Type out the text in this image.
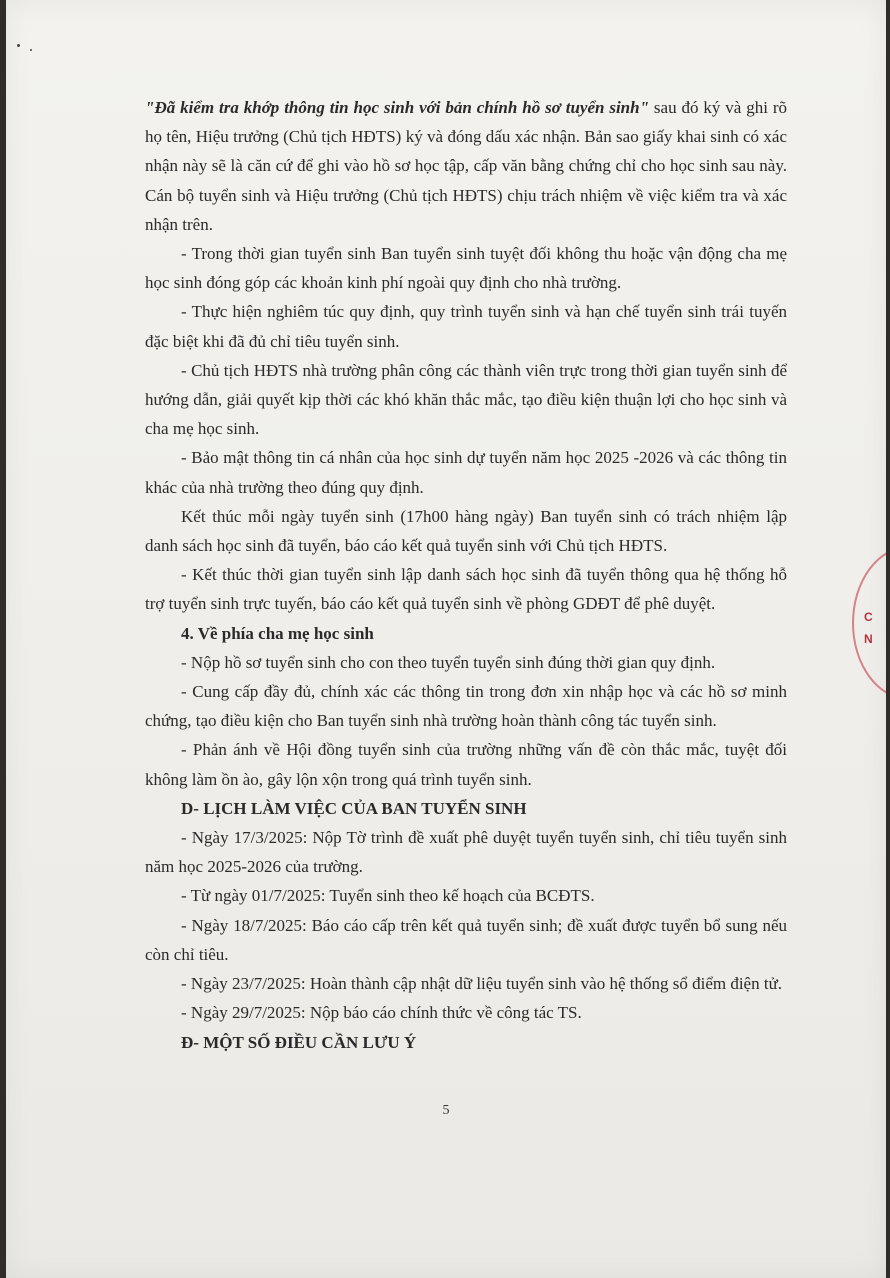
"Đã kiểm tra khớp thông tin học sinh với bản chính hồ sơ tuyển sinh" sau đó ký và ghi rõ họ tên, Hiệu trưởng (Chủ tịch HĐTS) ký và đóng dấu xác nhận. Bản sao giấy khai sinh có xác nhận này sẽ là căn cứ để ghi vào hồ sơ học tập, cấp văn bằng chứng chỉ cho học sinh sau này. Cán bộ tuyển sinh và Hiệu trưởng (Chủ tịch HĐTS) chịu trách nhiệm về việc kiểm tra và xác nhận trên.

- Trong thời gian tuyển sinh Ban tuyển sinh tuyệt đối không thu hoặc vận động cha mẹ học sinh đóng góp các khoản kinh phí ngoài quy định cho nhà trường.

- Thực hiện nghiêm túc quy định, quy trình tuyển sinh và hạn chế tuyển sinh trái tuyến đặc biệt khi đã đủ chỉ tiêu tuyển sinh.

- Chủ tịch HĐTS nhà trường phân công các thành viên trực trong thời gian tuyển sinh để hướng dẫn, giải quyết kịp thời các khó khăn thắc mắc, tạo điều kiện thuận lợi cho học sinh và cha mẹ học sinh.

- Bảo mật thông tin cá nhân của học sinh dự tuyển năm học 2025 -2026 và các thông tin khác của nhà trường theo đúng quy định.

Kết thúc mỗi ngày tuyển sinh (17h00 hàng ngày) Ban tuyển sinh có trách nhiệm lập danh sách học sinh đã tuyển, báo cáo kết quả tuyển sinh với Chủ tịch HĐTS.

- Kết thúc thời gian tuyển sinh lập danh sách học sinh đã tuyển thông qua hệ thống hỗ trợ tuyển sinh trực tuyến, báo cáo kết quả tuyển sinh về phòng GDĐT để phê duyệt.

4. Về phía cha mẹ học sinh

- Nộp hồ sơ tuyển sinh cho con theo tuyển tuyển sinh đúng thời gian quy định.

- Cung cấp đầy đủ, chính xác các thông tin trong đơn xin nhập học và các hồ sơ minh chứng, tạo điều kiện cho Ban tuyển sinh nhà trường hoàn thành công tác tuyển sinh.

- Phản ánh về Hội đồng tuyển sinh của trường những vấn đề còn thắc mắc, tuyệt đối không làm ồn ào, gây lộn xộn trong quá trình tuyển sinh.

D- LỊCH LÀM VIỆC CỦA BAN TUYỂN SINH

- Ngày 17/3/2025: Nộp Tờ trình đề xuất phê duyệt tuyển tuyển sinh, chỉ tiêu tuyển sinh năm học 2025-2026 của trường.

- Từ ngày 01/7/2025: Tuyển sinh theo kế hoạch của BCĐTS.

- Ngày 18/7/2025: Báo cáo cấp trên kết quả tuyển sinh; đề xuất được tuyển bổ sung nếu còn chỉ tiêu.

- Ngày 23/7/2025: Hoàn thành cập nhật dữ liệu tuyển sinh vào hệ thống sổ điểm điện tử.

- Ngày 29/7/2025: Nộp báo cáo chính thức về công tác TS.

Đ- MỘT SỐ ĐIỀU CẦN LƯU Ý

C
N
5
